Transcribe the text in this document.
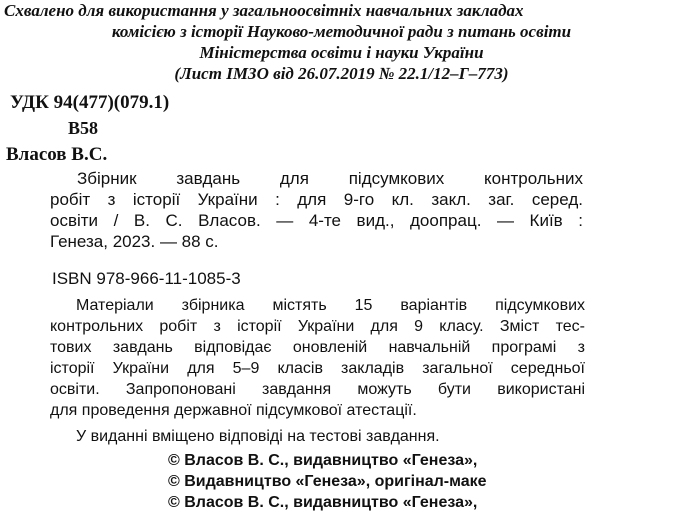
Схвалено для використання у загальноосвітніх навчальних закладах
комісією з історії Науково-методичної ради з питань освіти
Міністерства освіти і науки України
(Лист ІМЗО від 26.07.2019 № 22.1/12–Г–773)
УДК 94(477)(079.1)
В58
Власов В.С.
Збірник завдань для підсумкових контрольних
робіт з історії України : для 9-го кл. закл. заг. серед.
освіти / В. С. Власов. — 4-те вид., доопрац. — Київ :
Генеза, 2023. — 88 с.
ISBN 978-966-11-1085-3
Матеріали збірника містять 15 варіантів підсумкових
контрольних робіт з історії України для 9 класу. Зміст тес-
тових завдань відповідає оновленій навчальній програмі з
історії України для 5–9 класів закладів загальної середньої
освіти. Запропоновані завдання можуть бути використані
для проведення державної підсумкової атестації.
У виданні вміщено відповіді на тестові завдання.
© Власов В. С., видавництво «Генеза»,
© Видавництво «Генеза», оригінал-маке
© Власов В. С., видавництво «Генеза»,
